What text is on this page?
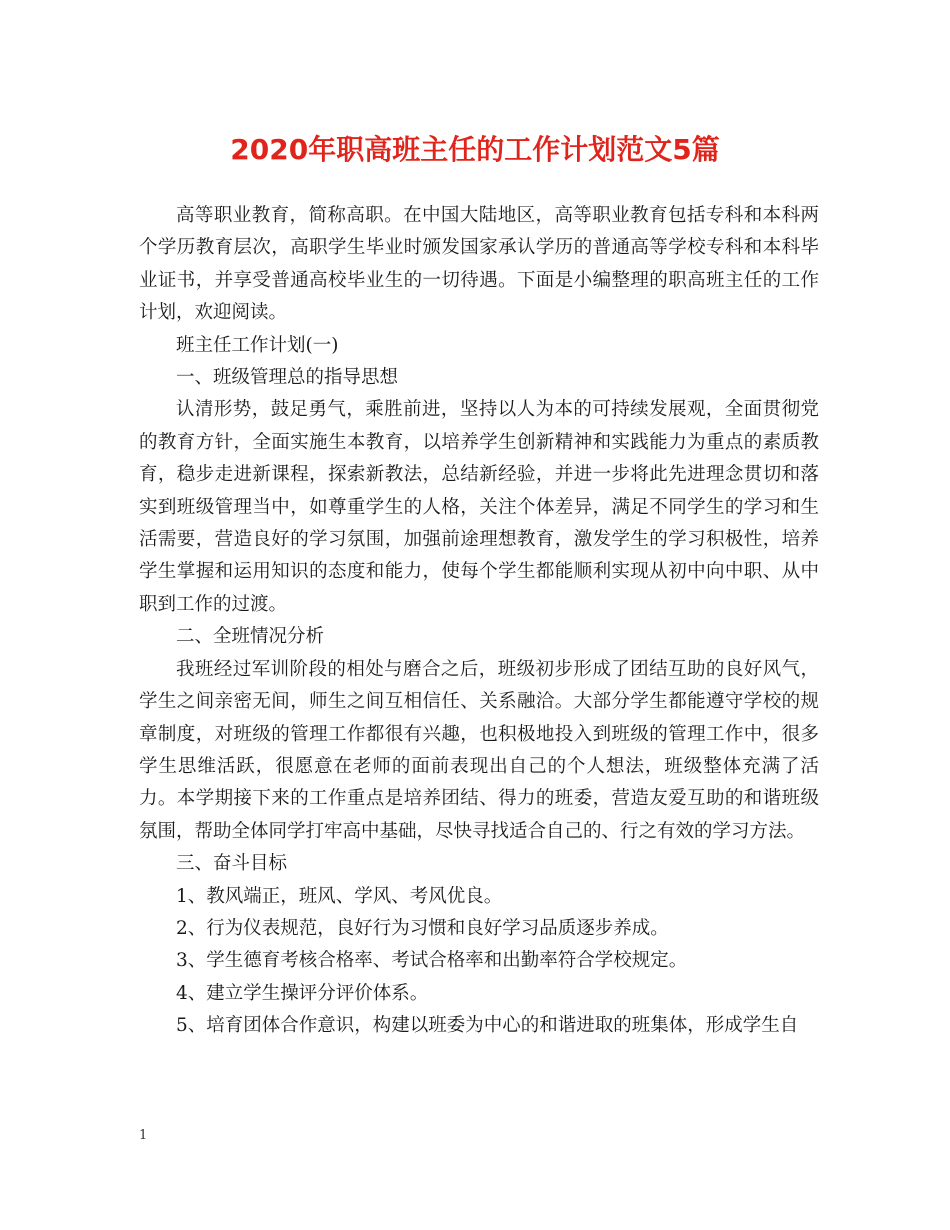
2020年职高班主任的工作计划范文5篇

高等职业教育，简称高职。在中国大陆地区，高等职业教育包括专科和本科两个学历教育层次，高职学生毕业时颁发国家承认学历的普通高等学校专科和本科毕业证书，并享受普通高校毕业生的一切待遇。下面是小编整理的职高班主任的工作计划，欢迎阅读。

班主任工作计划(一)

一、班级管理总的指导思想

认清形势，鼓足勇气，乘胜前进，坚持以人为本的可持续发展观，全面贯彻党的教育方针，全面实施生本教育，以培养学生创新精神和实践能力为重点的素质教育，稳步走进新课程，探索新教法，总结新经验，并进一步将此先进理念贯切和落实到班级管理当中，如尊重学生的人格，关注个体差异，满足不同学生的学习和生活需要，营造良好的学习氛围，加强前途理想教育，激发学生的学习积极性，培养学生掌握和运用知识的态度和能力，使每个学生都能顺利实现从初中向中职、从中职到工作的过渡。

二、全班情况分析

我班经过军训阶段的相处与磨合之后，班级初步形成了团结互助的良好风气，学生之间亲密无间，师生之间互相信任、关系融洽。大部分学生都能遵守学校的规章制度，对班级的管理工作都很有兴趣，也积极地投入到班级的管理工作中，很多学生思维活跃，很愿意在老师的面前表现出自己的个人想法，班级整体充满了活力。本学期接下来的工作重点是培养团结、得力的班委，营造友爱互助的和谐班级氛围，帮助全体同学打牢高中基础，尽快寻找适合自己的、行之有效的学习方法。

三、奋斗目标

1、教风端正，班风、学风、考风优良。

2、行为仪表规范，良好行为习惯和良好学习品质逐步养成。

3、学生德育考核合格率、考试合格率和出勤率符合学校规定。

4、建立学生操评分评价体系。

5、培育团体合作意识，构建以班委为中心的和谐进取的班集体，形成学生自

1
